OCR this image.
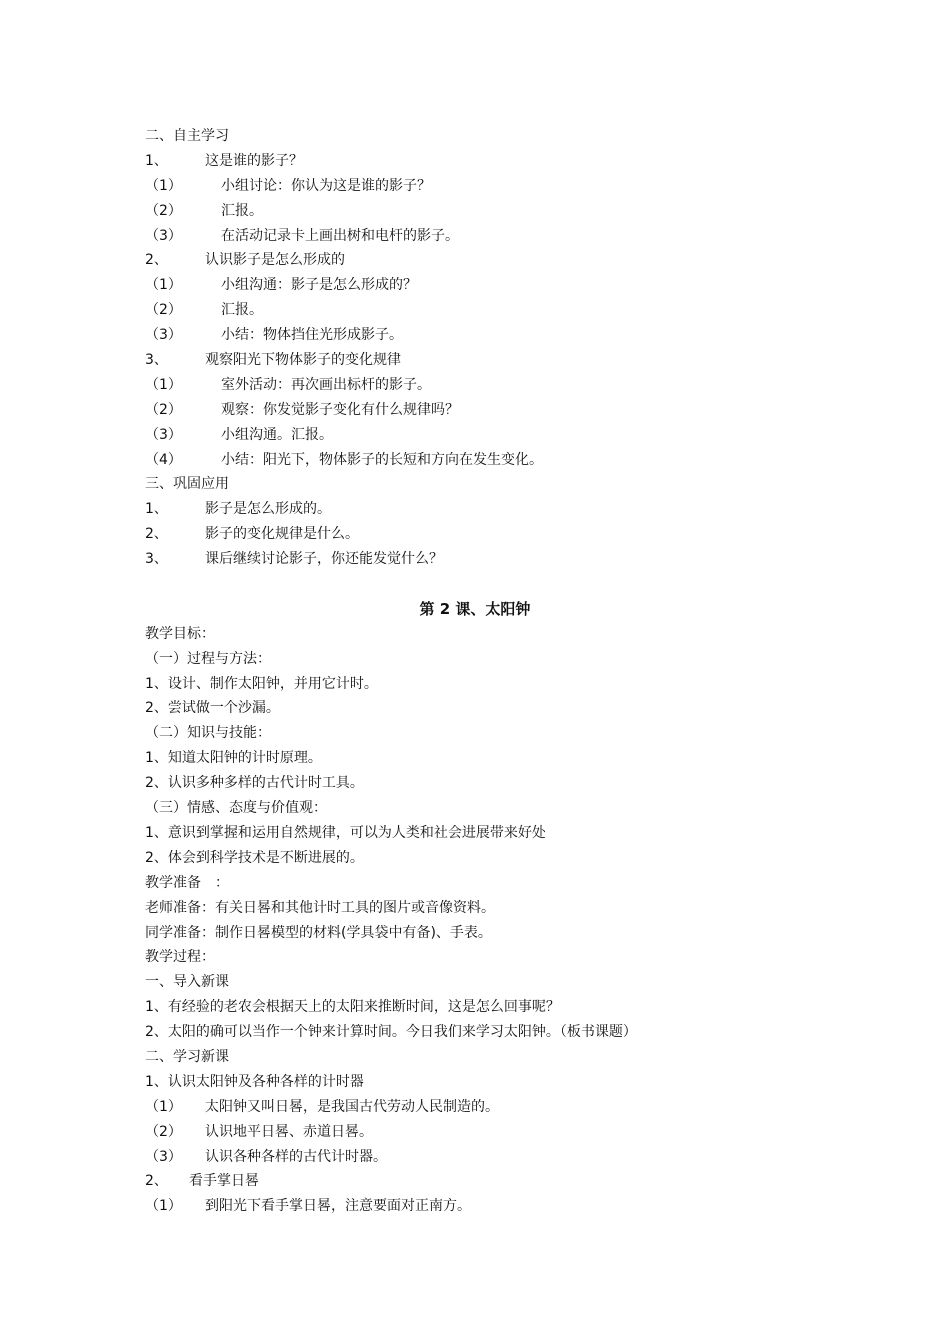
二、自主学习
1、	这是谁的影子？
（1）	小组讨论：你认为这是谁的影子？
（2）	汇报。
（3）	在活动记录卡上画出树和电杆的影子。
2、	认识影子是怎么形成的
（1）	小组沟通：影子是怎么形成的？
（2）	汇报。
（3）	小结：物体挡住光形成影子。
3、	观察阳光下物体影子的变化规律
（1）	室外活动：再次画出标杆的影子。
（2）	观察：你发觉影子变化有什么规律吗？
（3）	小组沟通。汇报。
（4）	小结：阳光下，物体影子的长短和方向在发生变化。
三、巩固应用
1、	影子是怎么形成的。
2、	影子的变化规律是什么。
3、	课后继续讨论影子，你还能发觉什么？
第 2 课、太阳钟
教学目标：
（一）过程与方法：
1、设计、制作太阳钟，并用它计时。
2、尝试做一个沙漏。
（二）知识与技能：
1、知道太阳钟的计时原理。
2、认识多种多样的古代计时工具。
（三）情感、态度与价值观：
1、意识到掌握和运用自然规律，可以为人类和社会进展带来好处
2、体会到科学技术是不断进展的。
教学准备　：
老师准备：有关日晷和其他计时工具的图片或音像资料。
同学准备：制作日晷模型的材料(学具袋中有备)、手表。
教学过程：
一、导入新课
1、有经验的老农会根据天上的太阳来推断时间，这是怎么回事呢？
2、太阳的确可以当作一个钟来计算时间。今日我们来学习太阳钟。（板书课题）
二、学习新课
1、认识太阳钟及各种各样的计时器
（1） 太阳钟又叫日晷，是我国古代劳动人民制造的。
（2） 认识地平日晷、赤道日晷。
（3） 认识各种各样的古代计时器。
2、 看手掌日晷
（1） 到阳光下看手掌日晷，注意要面对正南方。
